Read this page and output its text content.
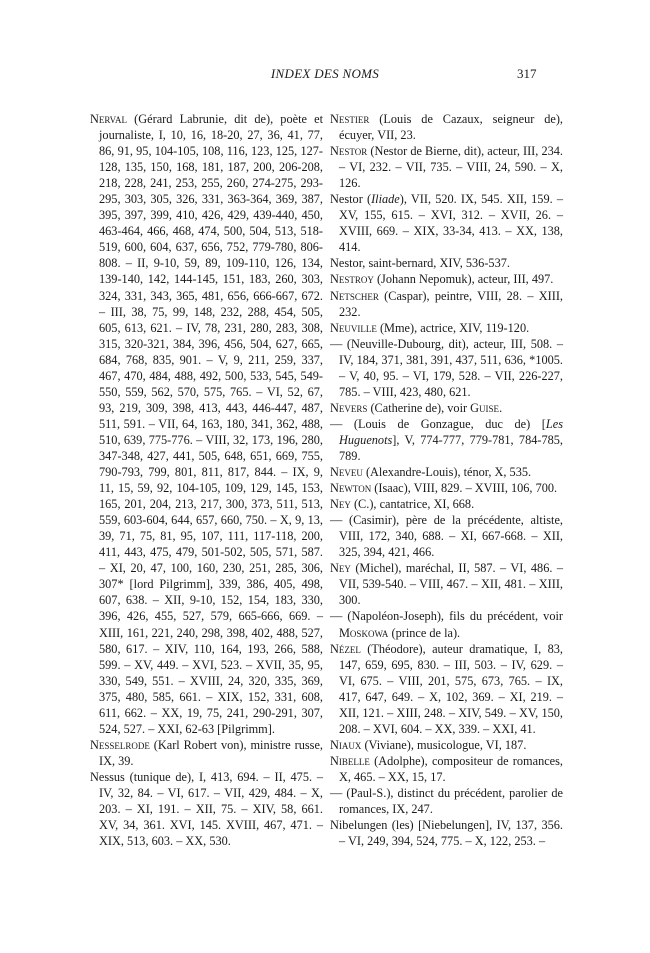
INDEX DES NOMS	317

Nerval (Gérard Labrunie, dit de), poète et journaliste, I, 10, 16, 18-20, 27, 36, 41, 77, 86, 91, 95, 104-105, 108, 116, 123, 125, 127-128, 135, 150, 168, 181, 187, 200, 206-208, 218, 228, 241, 253, 255, 260, 274-275, 293-295, 303, 305, 326, 331, 363-364, 369, 387, 395, 397, 399, 410, 426, 429, 439-440, 450, 463-464, 466, 468, 474, 500, 504, 513, 518-519, 600, 604, 637, 656, 752, 779-780, 806-808. – II, 9-10, 59, 89, 109-110, 126, 134, 139-140, 142, 144-145, 151, 183, 260, 303, 324, 331, 343, 365, 481, 656, 666-667, 672. – III, 38, 75, 99, 148, 232, 288, 454, 505, 605, 613, 621. – IV, 78, 231, 280, 283, 308, 315, 320-321, 384, 396, 456, 504, 627, 665, 684, 768, 835, 901. – V, 9, 211, 259, 337, 467, 470, 484, 488, 492, 500, 533, 545, 549-550, 559, 562, 570, 575, 765. – VI, 52, 67, 93, 219, 309, 398, 413, 443, 446-447, 487, 511, 591. – VII, 64, 163, 180, 341, 362, 488, 510, 639, 775-776. – VIII, 32, 173, 196, 280, 347-348, 427, 441, 505, 648, 651, 669, 755, 790-793, 799, 801, 811, 817, 844. – IX, 9, 11, 15, 59, 92, 104-105, 109, 129, 145, 153, 165, 201, 204, 213, 217, 300, 373, 511, 513, 559, 603-604, 644, 657, 660, 750. – X, 9, 13, 39, 71, 75, 81, 95, 107, 111, 117-118, 200, 411, 443, 475, 479, 501-502, 505, 571, 587. – XI, 20, 47, 100, 160, 230, 251, 285, 306, 307* [lord Pilgrimm], 339, 386, 405, 498, 607, 638. – XII, 9-10, 152, 154, 183, 330, 396, 426, 455, 527, 579, 665-666, 669. – XIII, 161, 221, 240, 298, 398, 402, 488, 527, 580, 617. – XIV, 110, 164, 193, 266, 588, 599. – XV, 449. – XVI, 523. – XVII, 35, 95, 330, 549, 551. – XVIII, 24, 320, 335, 369, 375, 480, 585, 661. – XIX, 152, 331, 608, 611, 662. – XX, 19, 75, 241, 290-291, 307, 524, 527. – XXI, 62-63 [Pilgrimm].

Nesselrode (Karl Robert von), ministre russe, IX, 39.

Nessus (tunique de), I, 413, 694. – II, 475. – IV, 32, 84. – VI, 617. – VII, 429, 484. – X, 203. – XI, 191. – XII, 75. – XIV, 58, 661. XV, 34, 361. XVI, 145. XVIII, 467, 471. – XIX, 513, 603. – XX, 530.

Nestier (Louis de Cazaux, seigneur de), écuyer, VII, 23.

Nestor (Nestor de Bierne, dit), acteur, III, 234. – VI, 232. – VII, 735. – VIII, 24, 590. – X, 126.

Nestor (Iliade), VII, 520. IX, 545. XII, 159. – XV, 155, 615. – XVI, 312. – XVII, 26. – XVIII, 669. – XIX, 33-34, 413. – XX, 138, 414.

Nestor, saint-bernard, XIV, 536-537.

Nestroy (Johann Nepomuk), acteur, III, 497.

Netscher (Caspar), peintre, VIII, 28. – XIII, 232.

Neuville (Mme), actrice, XIV, 119-120.

— (Neuville-Dubourg, dit), acteur, III, 508. – IV, 184, 371, 381, 391, 437, 511, 636, *1005. – V, 40, 95. – VI, 179, 528. – VII, 226-227, 785. – VIII, 423, 480, 621.

Nevers (Catherine de), voir Guise.

— (Louis de Gonzague, duc de) [Les Huguenots], V, 774-777, 779-781, 784-785, 789.

Neveu (Alexandre-Louis), ténor, X, 535.

Newton (Isaac), VIII, 829. – XVIII, 106, 700.

Ney (C.), cantatrice, XI, 668.

— (Casimir), père de la précédente, altiste, VIII, 172, 340, 688. – XI, 667-668. – XII, 325, 394, 421, 466.

Ney (Michel), maréchal, II, 587. – VI, 486. – VII, 539-540. – VIII, 467. – XII, 481. – XIII, 300.

— (Napoléon-Joseph), fils du précédent, voir Moskowa (prince de la).

Nézel (Théodore), auteur dramatique, I, 83, 147, 659, 695, 830. – III, 503. – IV, 629. – VI, 675. – VIII, 201, 575, 673, 765. – IX, 417, 647, 649. – X, 102, 369. – XI, 219. – XII, 121. – XIII, 248. – XIV, 549. – XV, 150, 208. – XVI, 604. – XX, 339. – XXI, 41.

Niaux (Viviane), musicologue, VI, 187.

Nibelle (Adolphe), compositeur de romances, X, 465. – XX, 15, 17.

— (Paul-S.), distinct du précédent, parolier de romances, IX, 247.

Nibelungen (les) [Niebelungen], IV, 137, 356. – VI, 249, 394, 524, 775. – X, 122, 253. –
